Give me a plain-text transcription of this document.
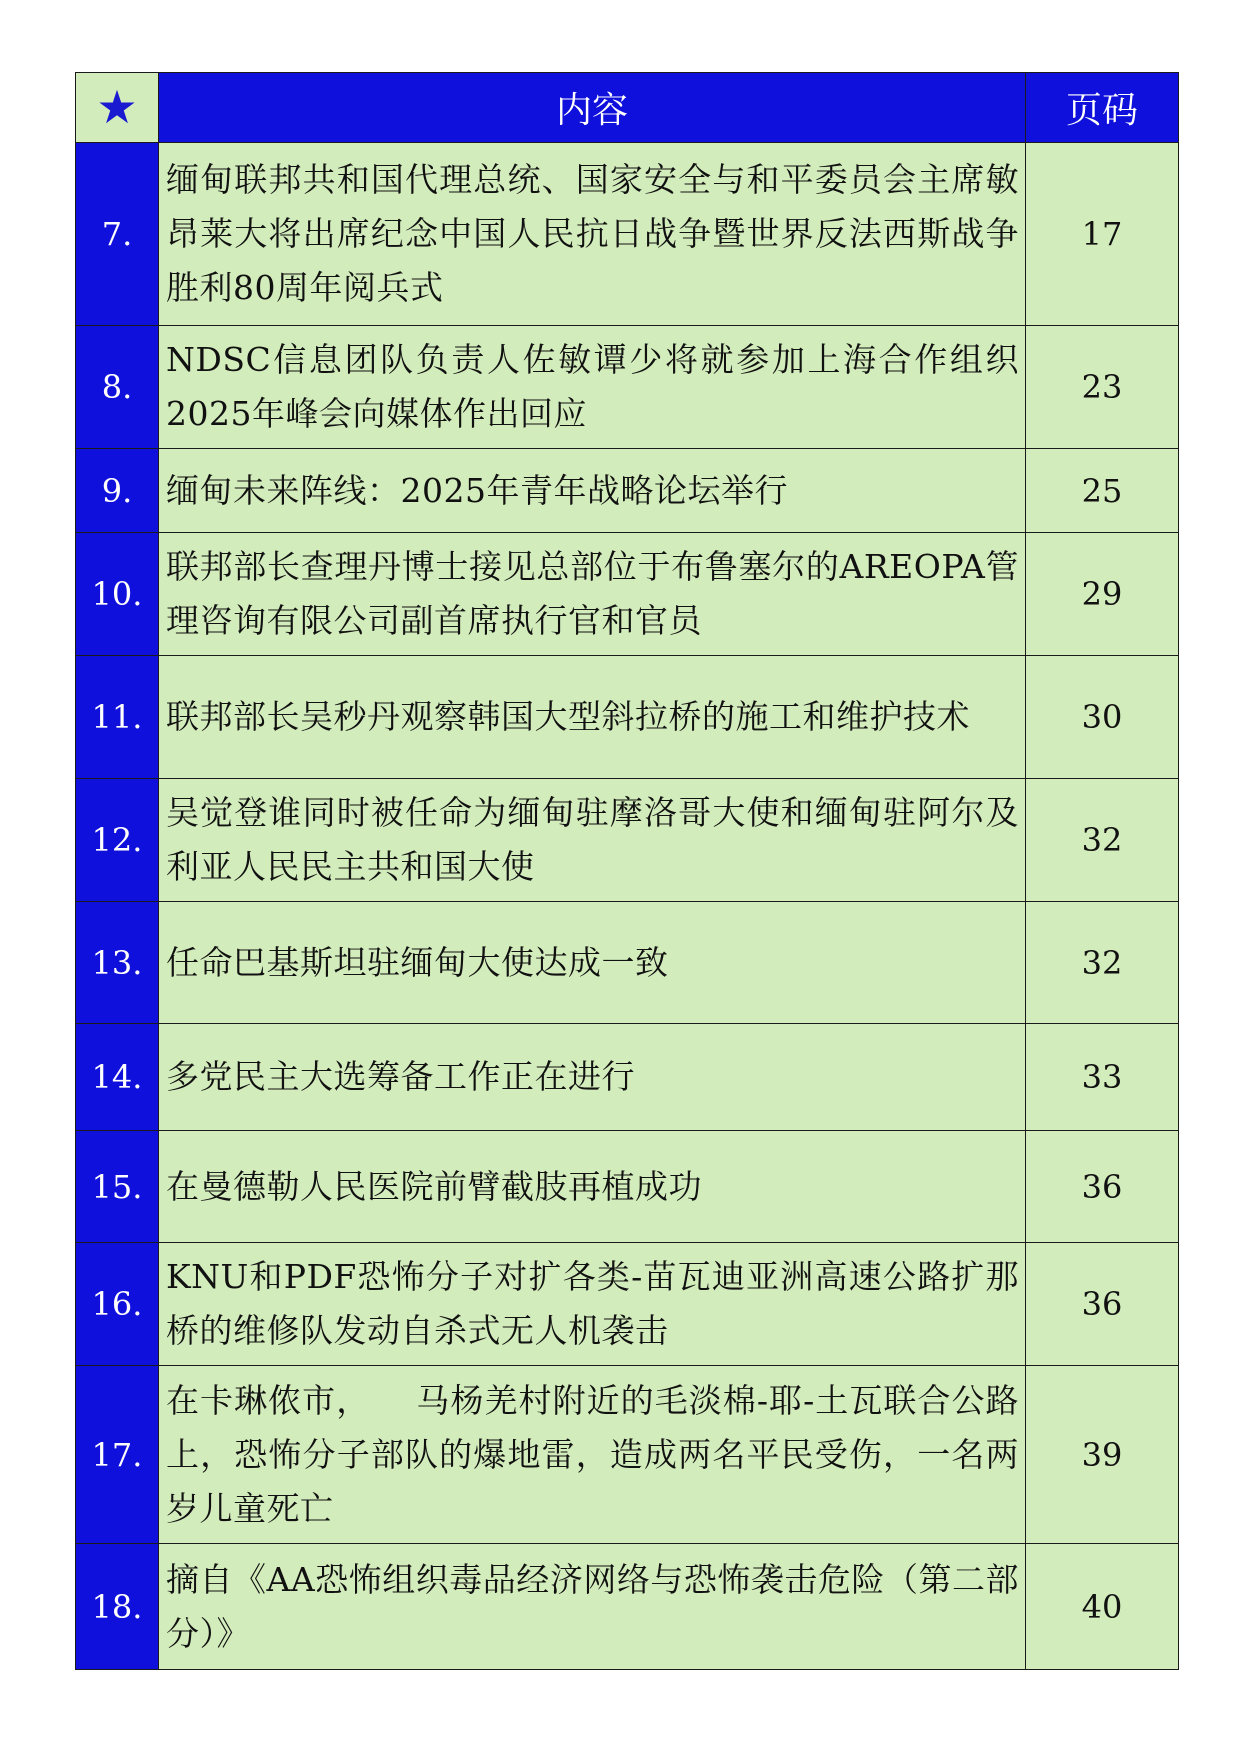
★	内容	页码
7.	缅甸联邦共和国代理总统、国家安全与和平委员会主席敏昂莱大将出席纪念中国人民抗日战争暨世界反法西斯战争胜利80周年阅兵式	17
8.	NDSC信息团队负责人佐敏谭少将就参加上海合作组织2025年峰会向媒体作出回应	23
9.	缅甸未来阵线：2025年青年战略论坛举行	25
10.	联邦部长查理丹博士接见总部位于布鲁塞尔的AREOPA管理咨询有限公司副首席执行官和官员	29
11.	联邦部长吴秒丹观察韩国大型斜拉桥的施工和维护技术	30
12.	吴觉登谁同时被任命为缅甸驻摩洛哥大使和缅甸驻阿尔及利亚人民民主共和国大使	32
13.	任命巴基斯坦驻缅甸大使达成一致	32
14.	多党民主大选筹备工作正在进行	33
15.	在曼德勒人民医院前臂截肢再植成功	36
16.	KNU和PDF恐怖分子对扩各类-苗瓦迪亚洲高速公路扩那桥的维修队发动自杀式无人机袭击	36
17.	在卡琳侬市，    马杨羌村附近的毛淡棉-耶-土瓦联合公路上，恐怖分子部队的爆地雷，造成两名平民受伤，一名两岁儿童死亡	39
18.	摘自《AA恐怖组织毒品经济网络与恐怖袭击危险（第二部分）》	40
